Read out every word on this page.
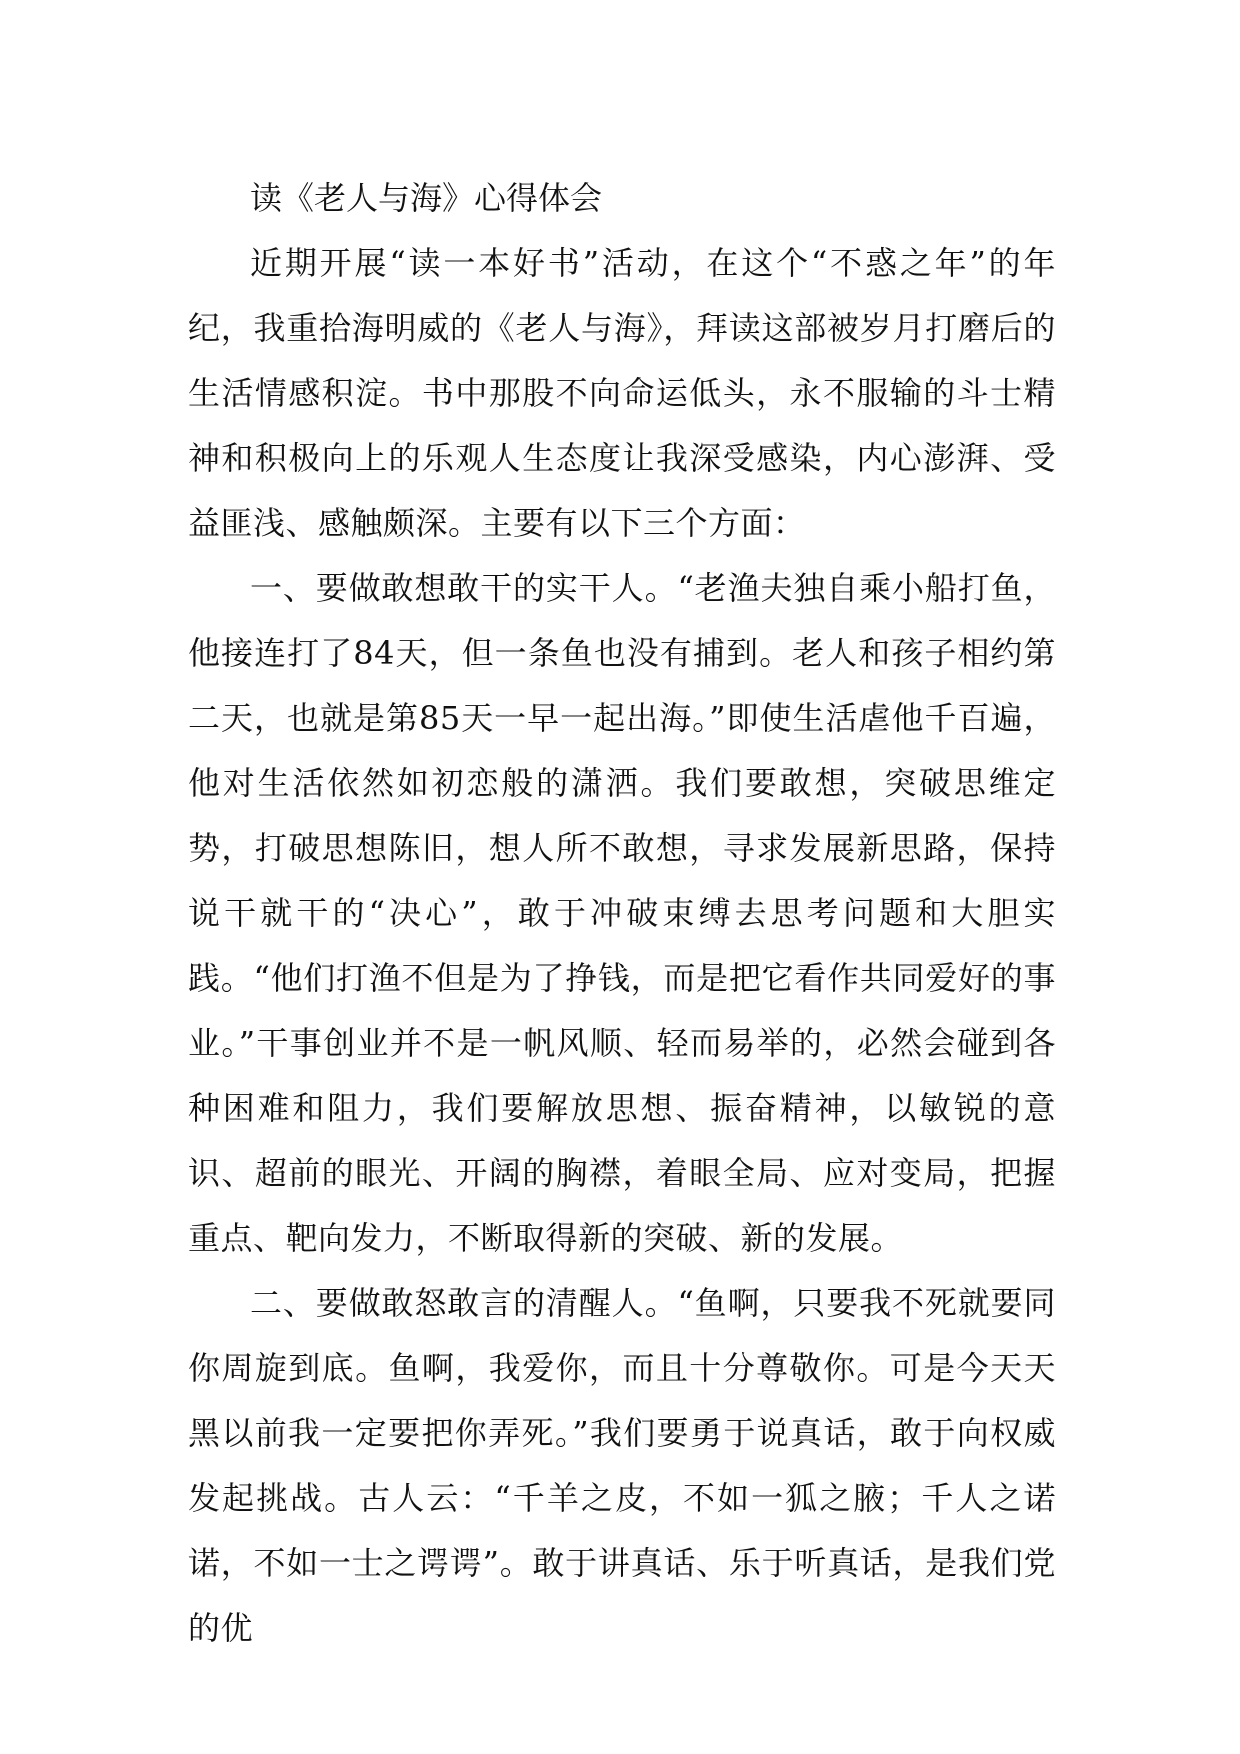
读《老人与海》心得体会

近期开展“读一本好书”活动，在这个“不惑之年”的年纪，我重拾海明威的《老人与海》，拜读这部被岁月打磨后的生活情感积淀。书中那股不向命运低头，永不服输的斗士精神和积极向上的乐观人生态度让我深受感染，内心澎湃、受益匪浅、感触颇深。主要有以下三个方面：

一、要做敢想敢干的实干人。“老渔夫独自乘小船打鱼，他接连打了84天，但一条鱼也没有捕到。老人和孩子相约第二天，也就是第85天一早一起出海。”即使生活虐他千百遍，他对生活依然如初恋般的潇洒。我们要敢想，突破思维定势，打破思想陈旧，想人所不敢想，寻求发展新思路，保持说干就干的“决心”，敢于冲破束缚去思考问题和大胆实践。“他们打渔不但是为了挣钱，而是把它看作共同爱好的事业。”干事创业并不是一帆风顺、轻而易举的，必然会碰到各种困难和阻力，我们要解放思想、振奋精神，以敏锐的意识、超前的眼光、开阔的胸襟，着眼全局、应对变局，把握重点、靶向发力，不断取得新的突破、新的发展。

二、要做敢怒敢言的清醒人。“鱼啊，只要我不死就要同你周旋到底。鱼啊，我爱你，而且十分尊敬你。可是今天天黑以前我一定要把你弄死。”我们要勇于说真话，敢于向权威发起挑战。古人云：“千羊之皮，不如一狐之腋；千人之诺诺，不如一士之谔谔”。敢于讲真话、乐于听真话，是我们党的优
